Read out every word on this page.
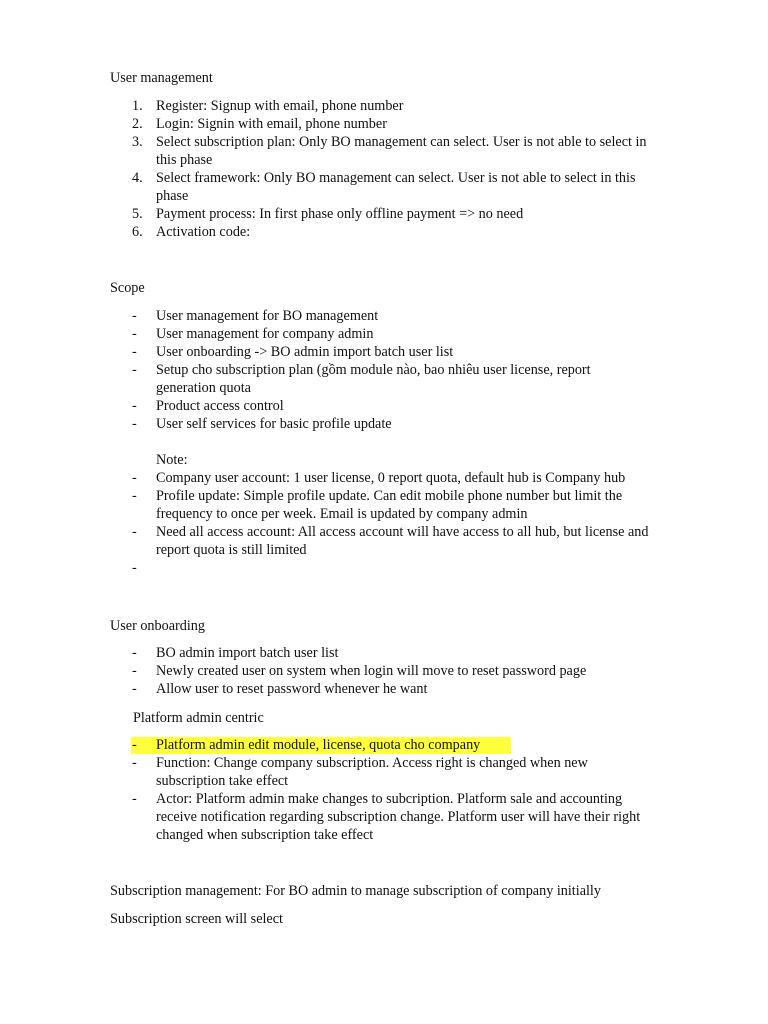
User management
1. Register: Signup with email, phone number
2. Login: Signin with email, phone number
3. Select subscription plan: Only BO management can select. User is not able to select in
this phase
4. Select framework: Only BO management can select. User is not able to select in this
phase
5. Payment process: In first phase only offline payment => no need
6. Activation code:
Scope
- User management for BO management
- User management for company admin
- User onboarding -> BO admin import batch user list
- Setup cho subscription plan (gồm module nào, bao nhiêu user license, report
generation quota
- Product access control
- User self services for basic profile update
Note:
- Company user account: 1 user license, 0 report quota, default hub is Company hub
- Profile update: Simple profile update. Can edit mobile phone number but limit the
frequency to once per week. Email is updated by company admin
- Need all access account: All access account will have access to all hub, but license and
report quota is still limited
-
User onboarding
- BO admin import batch user list
- Newly created user on system when login will move to reset password page
- Allow user to reset password whenever he want
Platform admin centric
- Platform admin edit module, license, quota cho company
- Function: Change company subscription. Access right is changed when new
subscription take effect
- Actor: Platform admin make changes to subcription. Platform sale and accounting
receive notification regarding subscription change. Platform user will have their right
changed when subscription take effect
Subscription management: For BO admin to manage subscription of company initially
Subscription screen will select
